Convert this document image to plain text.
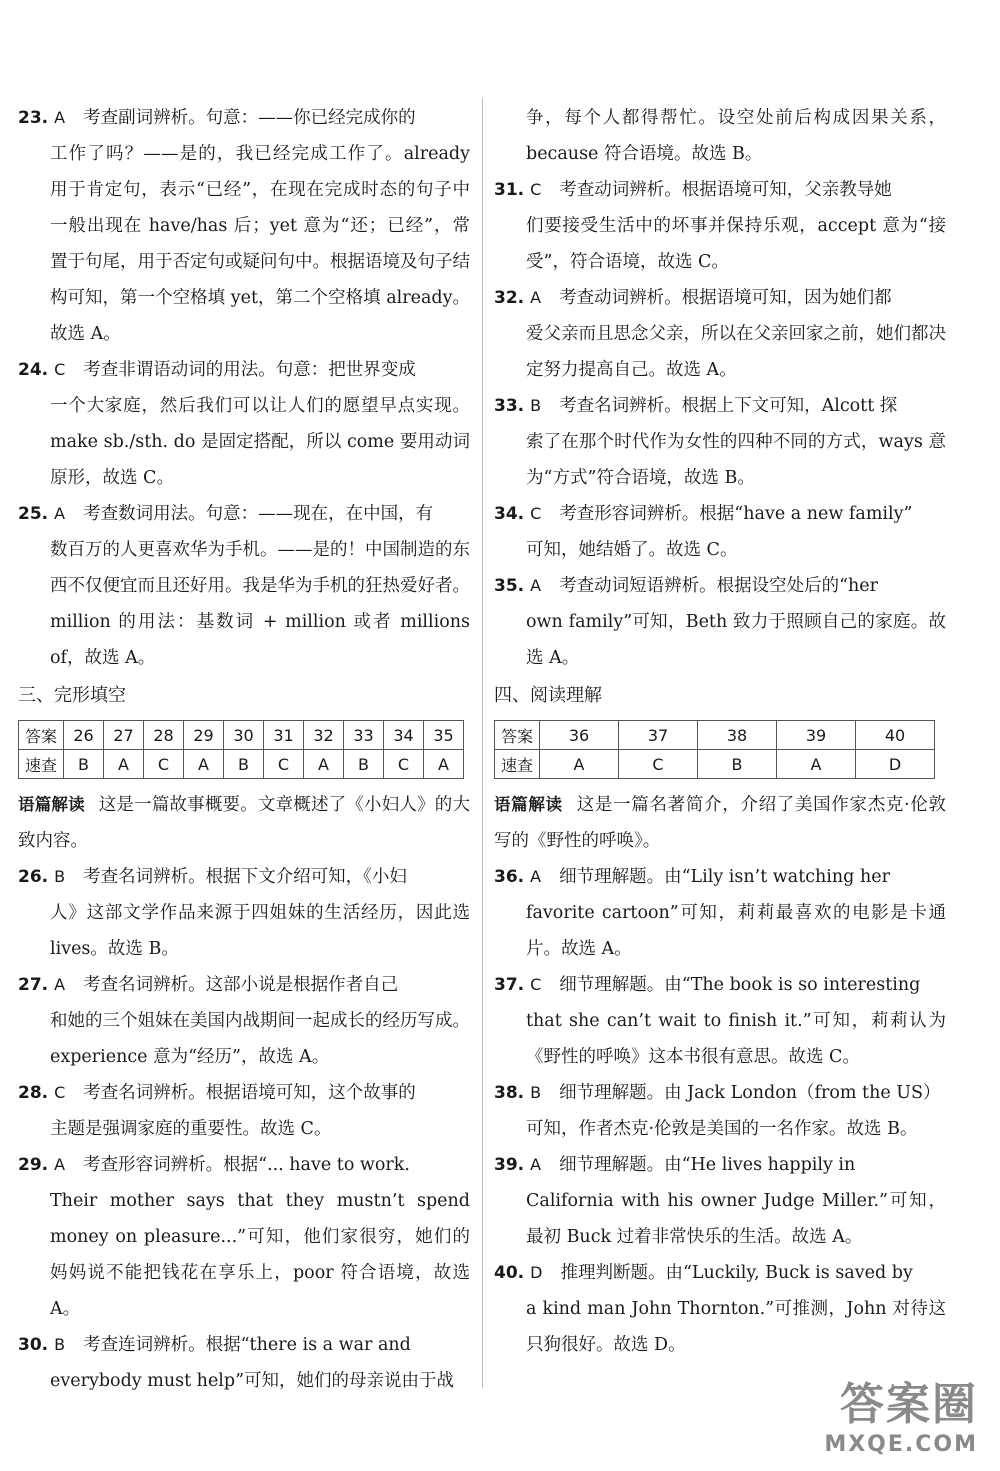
23. A 考查副词辨析。句意：——你已经完成你的
工作了吗？——是的，我已经完成工作了。already 用于肯定句，表示“已经”，在现在完成时态的句子中一般出现在 have/has 后；yet 意为“还；已经”，常置于句尾，用于否定句或疑问句中。根据语境及句子结构可知，第一个空格填 yet，第二个空格填 already。故选 A。

24. C 考查非谓语动词的用法。句意：把世界变成
一个大家庭，然后我们可以让人们的愿望早点实现。make sb./sth. do 是固定搭配，所以 come 要用动词原形，故选 C。

25. A 考查数词用法。句意：——现在，在中国，有
数百万的人更喜欢华为手机。——是的！中国制造的东西不仅便宜而且还好用。我是华为手机的狂热爱好者。million 的用法：基数词 + million 或者 millions of，故选 A。

三、完形填空
答案	26	27	28	29	30	31	32	33	34	35
速查	B	A	C	A	B	C	A	B	C	A

语篇解读 这是一篇故事概要。文章概述了《小妇人》的大致内容。

26. B 考查名词辨析。根据下文介绍可知，《小妇
人》这部文学作品来源于四姐妹的生活经历，因此选 lives。故选 B。

27. A 考查名词辨析。这部小说是根据作者自己
和她的三个姐妹在美国内战期间一起成长的经历写成。experience 意为“经历”，故选 A。

28. C 考查名词辨析。根据语境可知，这个故事的
主题是强调家庭的重要性。故选 C。

29. A 考查形容词辨析。根据“... have to work.
Their mother says that they mustn’t spend money on pleasure...”可知，他们家很穷，她们的妈妈说不能把钱花在享乐上，poor 符合语境，故选 A。

30. B 考查连词辨析。根据“there is a war and
everybody must help”可知，她们的母亲说由于战

争，每个人都得帮忙。设空处前后构成因果关系，because 符合语境。故选 B。

31. C 考查动词辨析。根据语境可知，父亲教导她
们要接受生活中的坏事并保持乐观，accept 意为“接受”，符合语境，故选 C。

32. A 考查动词辨析。根据语境可知，因为她们都
爱父亲而且思念父亲，所以在父亲回家之前，她们都决定努力提高自己。故选 A。

33. B 考查名词辨析。根据上下文可知，Alcott 探
索了在那个时代作为女性的四种不同的方式，ways 意为“方式”符合语境，故选 B。

34. C 考查形容词辨析。根据“have a new family”
可知，她结婚了。故选 C。

35. A 考查动词短语辨析。根据设空处后的“her
own family”可知，Beth 致力于照顾自己的家庭。故选 A。

四、阅读理解
答案	36	37	38	39	40
速查	A	C	B	A	D

语篇解读 这是一篇名著简介，介绍了美国作家杰克·伦敦写的《野性的呼唤》。

36. A 细节理解题。由“Lily isn’t watching her
favorite cartoon”可知，莉莉最喜欢的电影是卡通片。故选 A。

37. C 细节理解题。由“The book is so interesting
that she can’t wait to finish it.”可知，莉莉认为《野性的呼唤》这本书很有意思。故选 C。

38. B 细节理解题。由 Jack London（from the US）
可知，作者杰克·伦敦是美国的一名作家。故选 B。

39. A 细节理解题。由“He lives happily in
California with his owner Judge Miller.”可知，最初 Buck 过着非常快乐的生活。故选 A。

40. D 推理判断题。由“Luckily, Buck is saved by
a kind man John Thornton.”可推测，John 对待这只狗很好。故选 D。

答案圈
MXQE.COM
